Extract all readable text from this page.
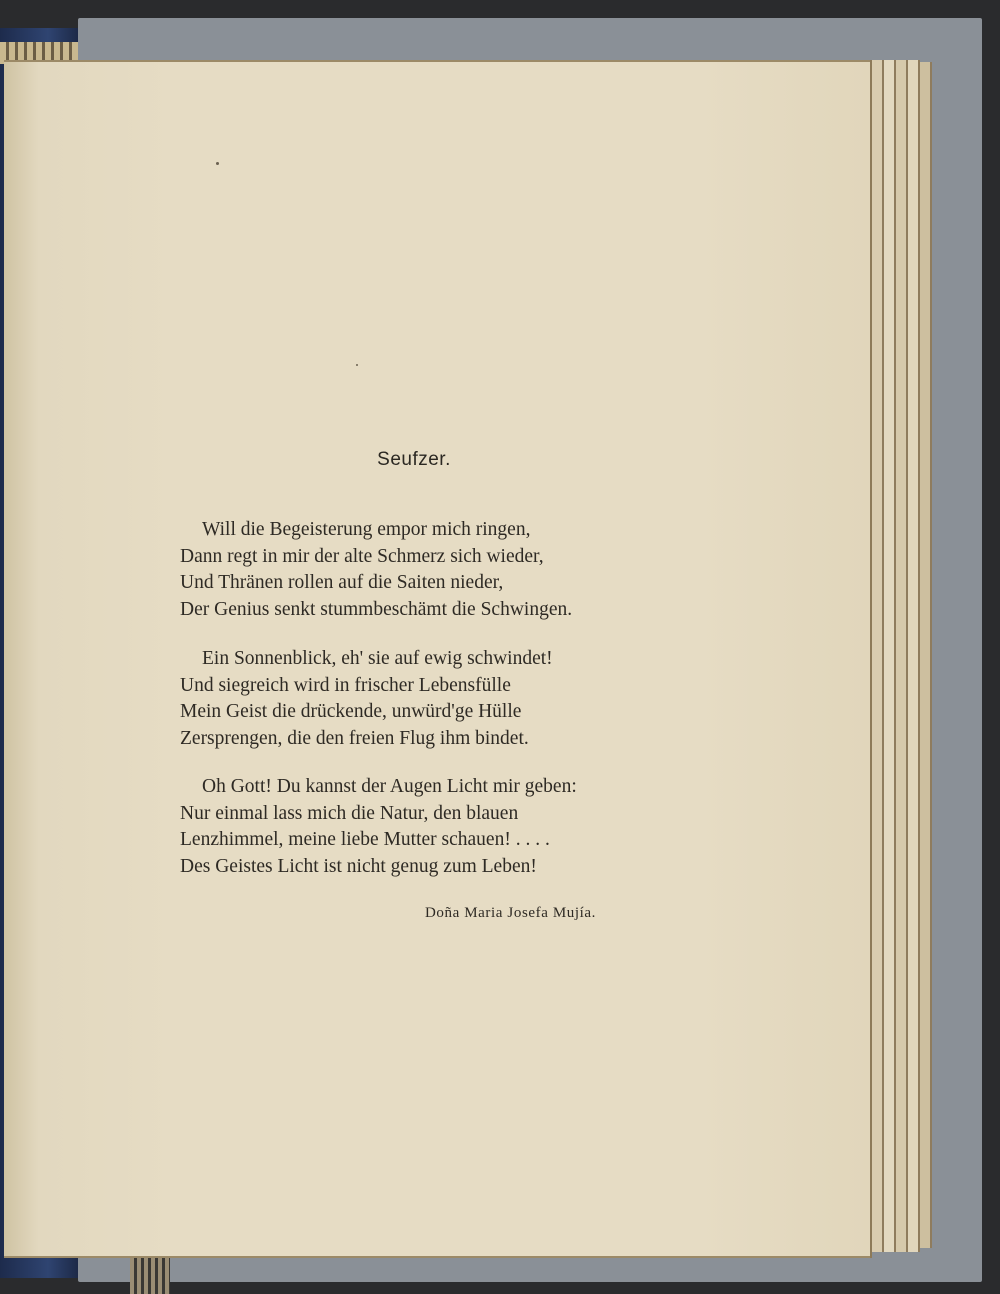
Seufzer.
Will die Begeisterung empor mich ringen,
Dann regt in mir der alte Schmerz sich wieder,
Und Thränen rollen auf die Saiten nieder,
Der Genius senkt stummbeschämt die Schwingen.
Ein Sonnenblick, eh' sie auf ewig schwindet!
Und siegreich wird in frischer Lebensfülle
Mein Geist die drückende, unwürd'ge Hülle
Zersprengen, die den freien Flug ihm bindet.
Oh Gott! Du kannst der Augen Licht mir geben:
Nur einmal lass mich die Natur, den blauen
Lenzhimmel, meine liebe Mutter schauen! . . . .
Des Geistes Licht ist nicht genug zum Leben!
Doña Maria Josefa Mujía.
